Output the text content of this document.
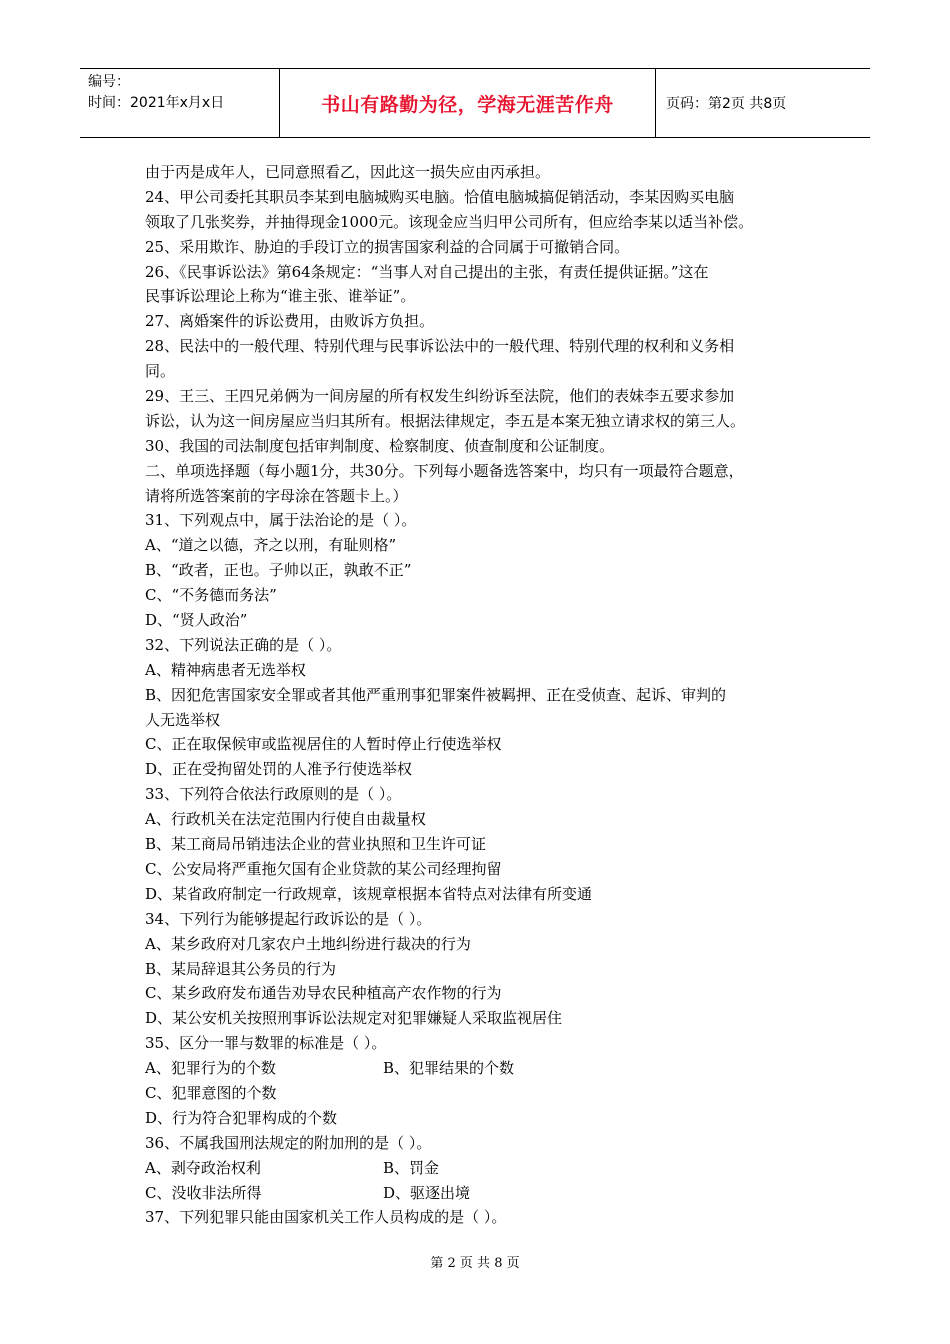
编号：
时间：2021年x月x日	书山有路勤为径，学海无涯苦作舟	页码：第2页 共8页
由于丙是成年人，已同意照看乙，因此这一损失应由丙承担。
24、甲公司委托其职员李某到电脑城购买电脑。恰值电脑城搞促销活动，李某因购买电脑
领取了几张奖券，并抽得现金1000元。该现金应当归甲公司所有，但应给李某以适当补偿。
25、采用欺诈、胁迫的手段订立的损害国家利益的合同属于可撤销合同。
26、《民事诉讼法》第64条规定：“当事人对自己提出的主张，有责任提供证据。”这在
民事诉讼理论上称为“谁主张、谁举证”。
27、离婚案件的诉讼费用，由败诉方负担。
28、民法中的一般代理、特别代理与民事诉讼法中的一般代理、特别代理的权利和义务相
同。
29、王三、王四兄弟俩为一间房屋的所有权发生纠纷诉至法院，他们的表妹李五要求参加
诉讼，认为这一间房屋应当归其所有。根据法律规定，李五是本案无独立请求权的第三人。
30、我国的司法制度包括审判制度、检察制度、侦查制度和公证制度。
二、单项选择题（每小题1分，共30分。下列每小题备选答案中，均只有一项最符合题意，
请将所选答案前的字母涂在答题卡上。）
31、下列观点中，属于法治论的是（ ）。
A、“道之以德，齐之以刑，有耻则格”
B、“政者，正也。子帅以正，孰敢不正”
C、“不务德而务法”
D、“贤人政治”
32、下列说法正确的是（ ）。
A、精神病患者无选举权
B、因犯危害国家安全罪或者其他严重刑事犯罪案件被羁押、正在受侦查、起诉、审判的
人无选举权
C、正在取保候审或监视居住的人暂时停止行使选举权
D、正在受拘留处罚的人准予行使选举权
33、下列符合依法行政原则的是（ ）。
A、行政机关在法定范围内行使自由裁量权
B、某工商局吊销违法企业的营业执照和卫生许可证
C、公安局将严重拖欠国有企业贷款的某公司经理拘留
D、某省政府制定一行政规章，该规章根据本省特点对法律有所变通
34、下列行为能够提起行政诉讼的是（ ）。
A、某乡政府对几家农户土地纠纷进行裁决的行为
B、某局辞退其公务员的行为
C、某乡政府发布通告劝导农民种植高产农作物的行为
D、某公安机关按照刑事诉讼法规定对犯罪嫌疑人采取监视居住
35、区分一罪与数罪的标准是（ ）。
A、犯罪行为的个数	B、犯罪结果的个数
C、犯罪意图的个数
D、行为符合犯罪构成的个数
36、不属我国刑法规定的附加刑的是（ ）。
A、剥夺政治权利	B、罚金
C、没收非法所得	D、驱逐出境
37、下列犯罪只能由国家机关工作人员构成的是（ ）。
第 2 页 共 8 页
